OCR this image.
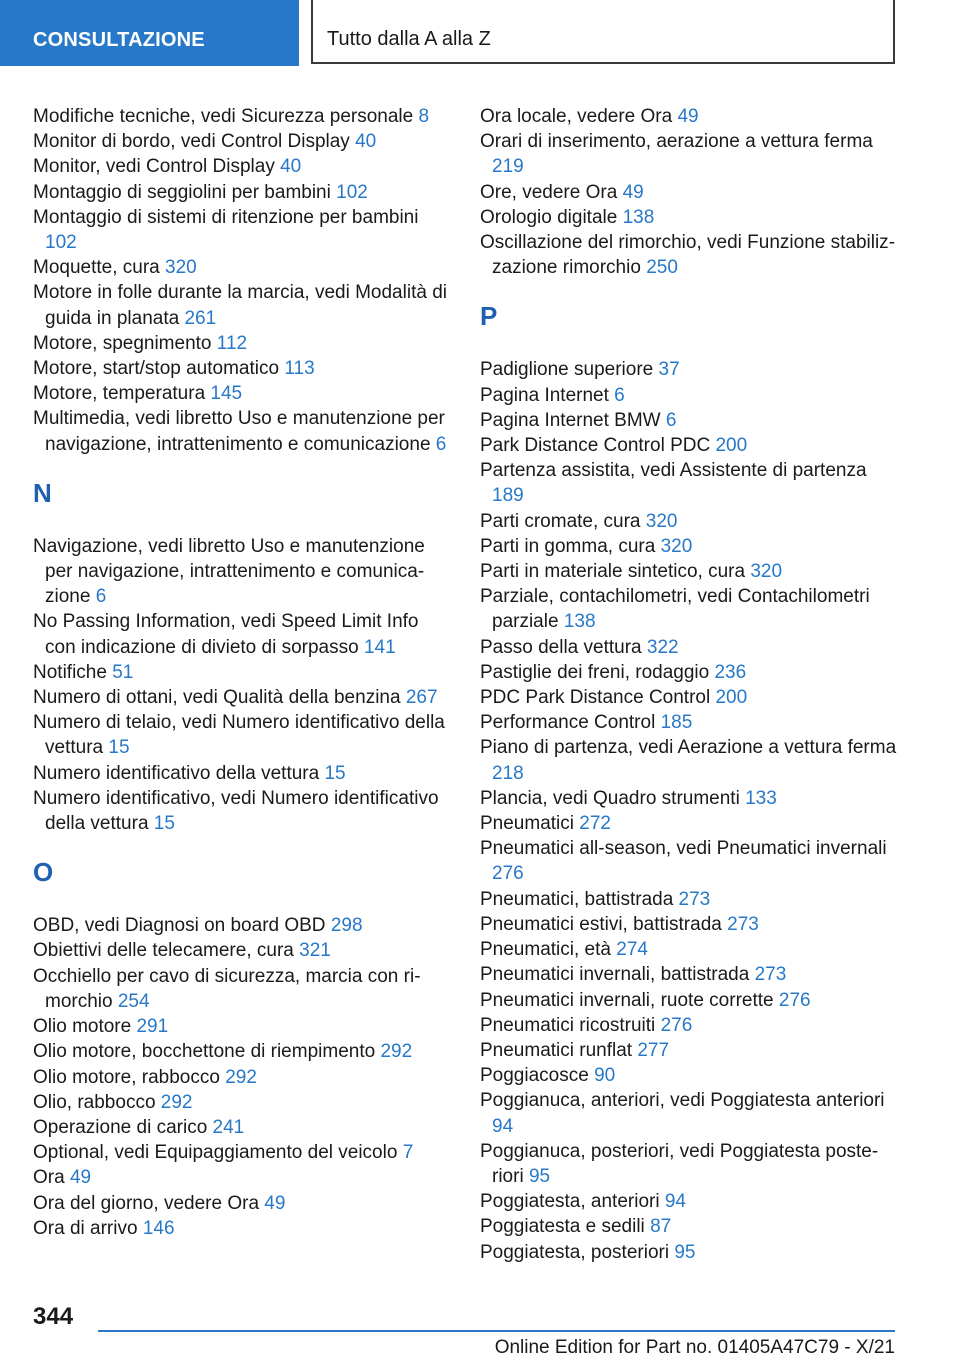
CONSULTAZIONE	Tutto dalla A alla Z
Modifiche tecniche, vedi Sicurezza personale 8
Monitor di bordo, vedi Control Display 40
Monitor, vedi Control Display 40
Montaggio di seggiolini per bambini 102
Montaggio di sistemi di ritenzione per bambini 102
Moquette, cura 320
Motore in folle durante la marcia, vedi Modalità di guida in planata 261
Motore, spegnimento 112
Motore, start/stop automatico 113
Motore, temperatura 145
Multimedia, vedi libretto Uso e manutenzione per navigazione, intrattenimento e comunicazione 6
N
Navigazione, vedi libretto Uso e manutenzione per navigazione, intrattenimento e comunicazione 6
No Passing Information, vedi Speed Limit Info con indicazione di divieto di sorpasso 141
Notifiche 51
Numero di ottani, vedi Qualità della benzina 267
Numero di telaio, vedi Numero identificativo della vettura 15
Numero identificativo della vettura 15
Numero identificativo, vedi Numero identificativo della vettura 15
O
OBD, vedi Diagnosi on board OBD 298
Obiettivi delle telecamere, cura 321
Occhiello per cavo di sicurezza, marcia con rimorchio 254
Olio motore 291
Olio motore, bocchettone di riempimento 292
Olio motore, rabbocco 292
Olio, rabbocco 292
Operazione di carico 241
Optional, vedi Equipaggiamento del veicolo 7
Ora 49
Ora del giorno, vedere Ora 49
Ora di arrivo 146
Ora locale, vedere Ora 49
Orari di inserimento, aerazione a vettura ferma 219
Ore, vedere Ora 49
Orologio digitale 138
Oscillazione del rimorchio, vedi Funzione stabilizzazione rimorchio 250
P
Padiglione superiore 37
Pagina Internet 6
Pagina Internet BMW 6
Park Distance Control PDC 200
Partenza assistita, vedi Assistente di partenza 189
Parti cromate, cura 320
Parti in gomma, cura 320
Parti in materiale sintetico, cura 320
Parziale, contachilometri, vedi Contachilometri parziale 138
Passo della vettura 322
Pastiglie dei freni, rodaggio 236
PDC Park Distance Control 200
Performance Control 185
Piano di partenza, vedi Aerazione a vettura ferma 218
Plancia, vedi Quadro strumenti 133
Pneumatici 272
Pneumatici all-season, vedi Pneumatici invernali 276
Pneumatici, battistrada 273
Pneumatici estivi, battistrada 273
Pneumatici, età 274
Pneumatici invernali, battistrada 273
Pneumatici invernali, ruote corrette 276
Pneumatici ricostruiti 276
Pneumatici runflat 277
Poggiacosce 90
Poggianuca, anteriori, vedi Poggiatesta anteriori 94
Poggianuca, posteriori, vedi Poggiatesta posteriori 95
Poggiatesta, anteriori 94
Poggiatesta e sedili 87
Poggiatesta, posteriori 95
344
Online Edition for Part no. 01405A47C79 - X/21
